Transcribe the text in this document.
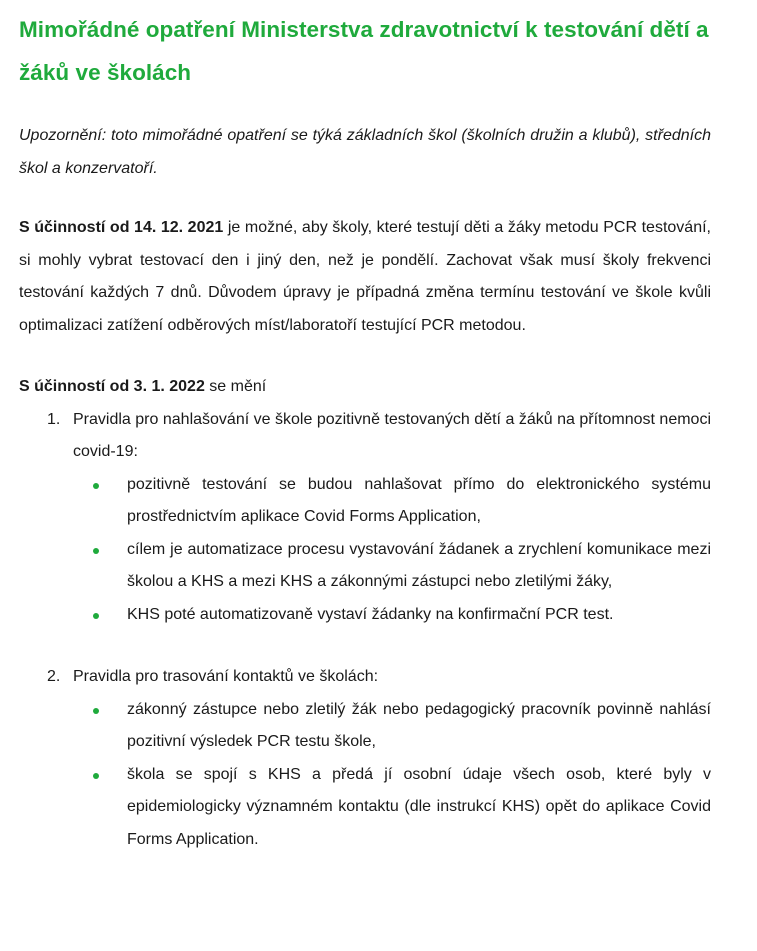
Mimořádné opatření Ministerstva zdravotnictví k testování dětí a žáků ve školách

Upozornění: toto mimořádné opatření se týká základních škol (školních družin a klubů), středních škol a konzervatoří.

S účinností od 14. 12. 2021 je možné, aby školy, které testují děti a žáky metodu PCR testování, si mohly vybrat testovací den i jiný den, než je pondělí. Zachovat však musí školy frekvenci testování každých 7 dnů. Důvodem úpravy je případná změna termínu testování ve škole kvůli optimalizaci zatížení odběrových míst/laboratoří testující PCR metodou.

S účinností od 3. 1. 2022 se mění

1. Pravidla pro nahlašování ve škole pozitivně testovaných dětí a žáků na přítomnost nemoci covid-19:
pozitivně testování se budou nahlašovat přímo do elektronického systému prostřednictvím aplikace Covid Forms Application,
cílem je automatizace procesu vystavování žádanek a zrychlení komunikace mezi školou a KHS a mezi KHS a zákonnými zástupci nebo zletilými žáky,
KHS poté automatizovaně vystaví žádanky na konfirmační PCR test.
2. Pravidla pro trasování kontaktů ve školách:
zákonný zástupce nebo zletilý žák nebo pedagogický pracovník povinně nahlásí pozitivní výsledek PCR testu škole,
škola se spojí s KHS a předá jí osobní údaje všech osob, které byly v epidemiologicky významném kontaktu (dle instrukcí KHS) opět do aplikace Covid Forms Application.
